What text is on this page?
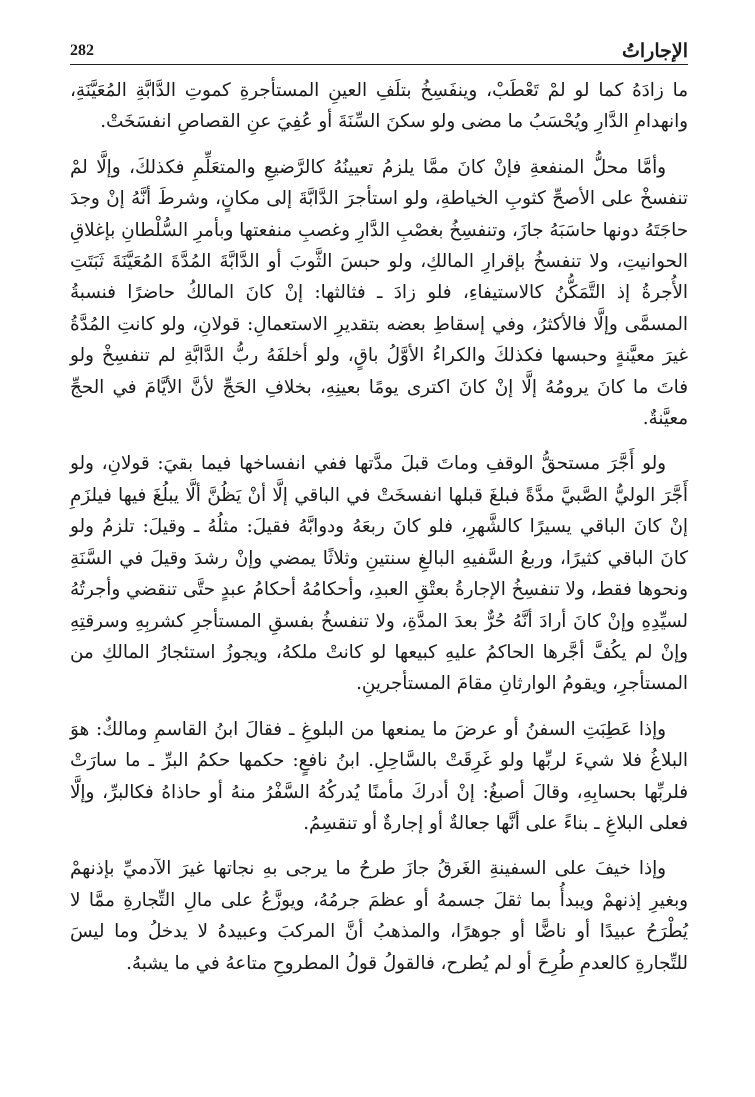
الإجاراتُ
282

ما زادَهُ كما لو لمْ تَعْطَبْ، وينفَسِخُ بتلَفِ العينِ المستأجرةِ كموتِ الدَّابَّةِ المُعَيَّنَةِ، وانهدامِ الدَّارِ ويُحْسَبُ ما مضى ولو سكنَ السِّنَةَ أو عُفِيَ عنِ القصاصِ انفسَخَتْ.

وأمَّا محلُّ المنفعةِ فإنْ كانَ ممَّا يلزمُ تعيينُهُ كالرَّضيعِ والمتعَلِّمِ فكذلكَ، وإلَّا لمْ تنفسخْ على الأصحِّ كثوبِ الخياطةِ، ولو استأجرَ الدَّابَّةَ إلى مكانٍ، وشرطَ أنَّهُ إنْ وجدَ حاجَتَهُ دونها حاسَبَهُ جازَ، وتنفسِخُ بغصْبِ الدَّارِ وغصبِ منفعتها وبأمرِ السُّلْطانِ بإغلاقِ الحوانيتِ، ولا تنفسخُ بإقرارِ المالكِ، ولو حبسَ الثَّوبَ أو الدَّابَّةَ المُدَّةَ المُعَيَّنَةَ ثَبَتَتِ الأُجرةُ إذ التَّمَكُّنُ كالاستيفاءِ، فلو زادَ ـ فثالثها: إنْ كانَ المالكُ حاضرًا فنسبةُ المسمَّى وإلَّا فالأكثرُ، وفي إسقاطِ بعضه بتقديرِ الاستعمالِ: قولانِ، ولو كانتِ المُدَّةُ غيرَ معيَّنةٍ وحبسها فكذلكَ والكراءُ الأوَّلُ باقٍ، ولو أخلفَهُ ربُّ الدَّابَّةِ لم تنفسِخْ ولو فاتَ ما كانَ يرومُهُ إلَّا إنْ كانَ اكترى يومًا بعينِهِ، بخلافِ الحَجِّ لأنَّ الأيَّامَ في الحجِّ معيَّنةٌ.

ولو أَجَّرَ مستحقُّ الوقفِ وماتَ قبلَ مدَّتها ففي انفساخها فيما بقيَ: قولانِ، ولو أَجَّرَ الوليُّ الصَّبيَّ مدَّةً فبلغَ قبلها انفسخَتْ في الباقي إلَّا أنْ يَظُنَّ ألَّا يبلُغَ فيها فيلزَمِ إنْ كانَ الباقي يسيرًا كالشَّهرِ، فلو كانَ ربعَهُ ودوابَّهُ فقيلَ: مثلُهُ ـ وقيلَ: تلزمُ ولو كانَ الباقي كثيرًا، وربعُ السَّفيهِ البالغِ سنتينِ وثلاثًا يمضي وإنْ رشدَ وقيلَ في السَّنَةِ ونحوها فقط، ولا تنفسِخُ الإجارةُ بعتْقِ العبدِ، وأحكامُهُ أحكامُ عبدٍ حتَّى تنقضي وأجرتُهُ لسيِّدِهِ وإنْ كانَ أرادَ أنَّهُ حُرٌّ بعدَ المدَّةِ، ولا تنفسخُ بفسقِ المستأجرِ كشربِهِ وسرقتِهِ وإنْ لم يكُفَّ أجَّرها الحاكمُ عليهِ كبيعها لو كانتْ ملكهُ، ويجوزُ استئجارُ المالكِ من المستأجرِ، ويقومُ الوارثانِ مقامَ المستأجرينِ.

وإذا عَطِبَتِ السفنُ أو عرضَ ما يمنعها من البلوغِ ـ فقالَ ابنُ القاسمِ ومالكٌ: هوَ البلاغُ فلا شيءَ لربِّها ولو غَرِقَتْ بالسَّاحِلِ. ابنُ نافعٍ: حكمها حكمُ البرِّ ـ ما سارَتْ فلربِّها بحسابِهِ، وقالَ أصبغُ: إنْ أدركَ مأمنًا يُدركُهُ السَّفْرُ منهُ أو حاذاهُ فكالبرِّ، وإلَّا فعلى البلاغِ ـ بناءً على أنَّها جعالةٌ أو إجارةٌ أو تنقسِمُ.

وإذا خيفَ على السفينةِ الغَرقُ جازَ طرحُ ما يرجى بهِ نجاتها غيرَ الآدميِّ بإذنهمْ وبغيرِ إذنهمْ ويبدأُ بما ثقلَ جسمهُ أو عظمَ جرمُهُ، ويوزَّعُ على مالِ التِّجارةِ ممَّا لا يُطْرَحُ عبيدًا أو ناضًّا أو جوهرًا، والمذهبُ أنَّ المركبَ وعبيدهُ لا يدخلُ وما ليسَ للتِّجارةِ كالعدمِ طُرِحَ أو لم يُطرح، فالقولُ قولُ المطروحِ متاعهُ في ما يشبهُ.
